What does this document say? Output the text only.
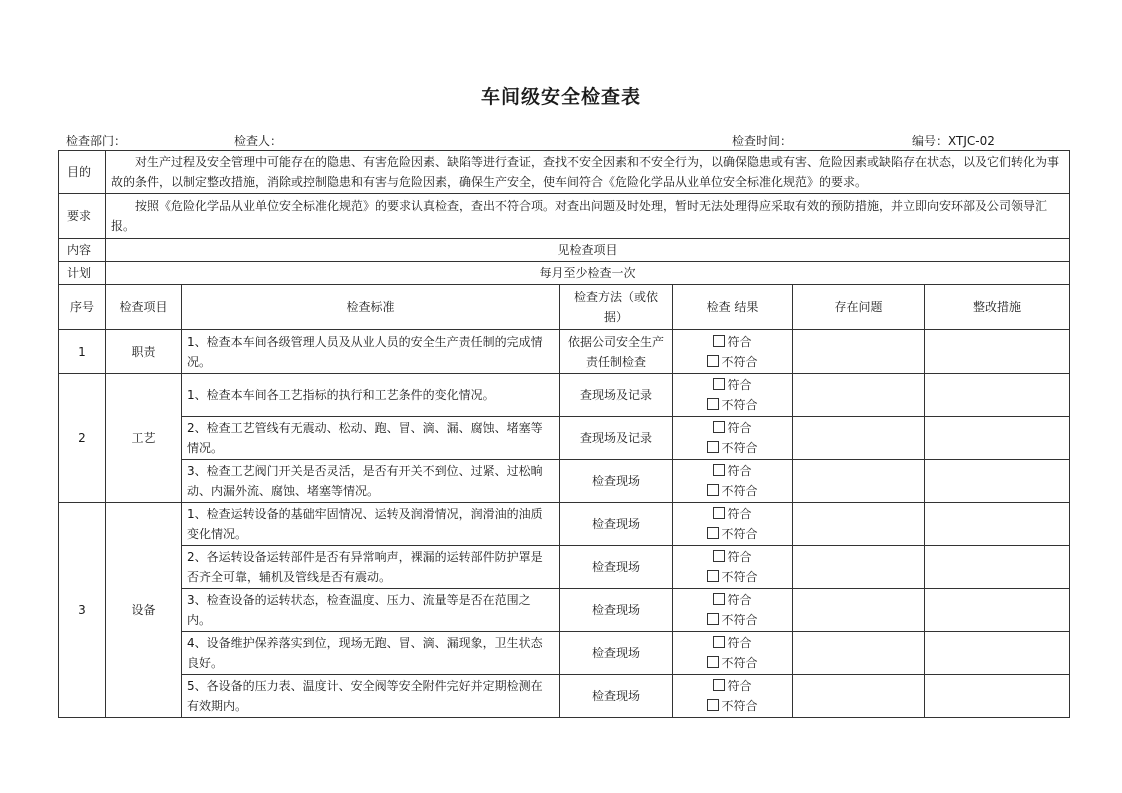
车间级安全检查表
检查部门：	检查人：	检查时间：	编号：XTJC-02
目的	对生产过程及安全管理中可能存在的隐患、有害危险因素、缺陷等进行查证，查找不安全因素和不安全行为，以确保隐患或有害、危险因素或缺陷存在状态，以及它们转化为事故的条件，以制定整改措施，消除或控制隐患和有害与危险因素，确保生产安全，使车间符合《危险化学品从业单位安全标准化规范》的要求。					
要求	按照《危险化学品从业单位安全标准化规范》的要求认真检查，查出不符合项。对查出问题及时处理，暂时无法处理得应采取有效的预防措施，并立即向安环部及公司领导汇报。					
内容	见检查项目					
计划	每月至少检查一次					
序号	检查项目	检查标准	检查方法（或依据）	检查 结果	存在问题	整改措施
1	职责	1、检查本车间各级管理人员及从业人员的安全生产责任制的完成情况。	依据公司安全生产责任制检查	符合不符合		
2	工艺	1、检查本车间各工艺指标的执行和工艺条件的变化情况。	查现场及记录	符合不符合		
		2、检查工艺管线有无震动、松动、跑、冒、滴、漏、腐蚀、堵塞等情况。	查现场及记录	符合不符合		
		3、检查工艺阀门开关是否灵活，是否有开关不到位、过紧、过松晌动、内漏外流、腐蚀、堵塞等情况。	检查现场	符合不符合		
3	设备	1、检查运转设备的基础牢固情况、运转及润滑情况，润滑油的油质变化情况。	检查现场	符合不符合		
		2、各运转设备运转部件是否有异常响声，裸漏的运转部件防护罩是否齐全可靠，辅机及管线是否有震动。	检查现场	符合不符合		
		3、检查设备的运转状态，检查温度、压力、流量等是否在范围之内。	检查现场	符合不符合		
		4、设备维护保养落实到位，现场无跑、冒、滴、漏现象，卫生状态良好。	检查现场	符合不符合		
		5、各设备的压力表、温度计、安全阀等安全附件完好并定期检测在有效期内。	检查现场	符合不符合		
